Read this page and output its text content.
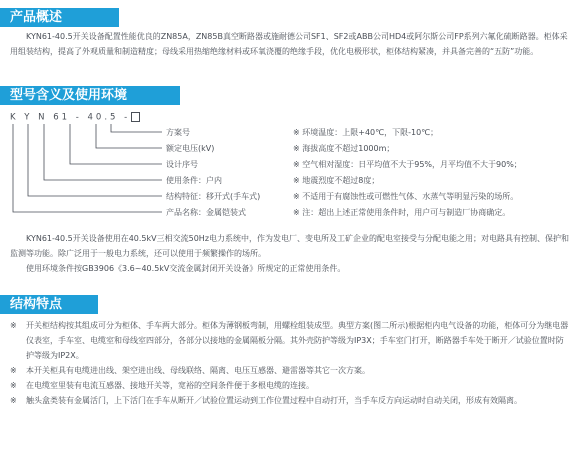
产品概述

KYN61-40.5开关设备配置性能优良的ZN85A，ZN85B真空断路器或施耐德公司SF1、SF2或ABB公司HD4或阿尔斯公司FP系列六氟化硫断路器。柜体采用组装结构，提高了外观质量和制造精度；母线采用热缩绝缘材料或环氧浇覆的绝缘手段，优化电极形状，柜体结构紧凑，并具备完善的“五防”功能。

型号含义及使用环境
K Y N 61 - 40.5 -
方案号
额定电压(kV)
设计序号
使用条件：户内
结构特征：移开式(手车式)
产品名称：金属铠装式
※ 环境温度：上限+40℃，下限-10℃；
※ 海拔高度不超过1000m；
※ 空气相对湿度：日平均值不大于95%，月平均值不大于90%；
※ 地震烈度不超过8度；
※ 不适用于有腐蚀性或可燃性气体、水蒸气等明显污染的场所。
※ 注：超出上述正常使用条件时，用户可与制造厂协商确定。

KYN61-40.5开关设备使用在40.5kV三相交流50Hz电力系统中，作为发电厂、变电所及工矿企业的配电室接受与分配电能之用；对电路具有控制、保护和监测等功能。除广泛用于一般电力系统，还可以使用于频繁操作的场所。

使用环境条件按GB3906《3.6~40.5kV交流金属封闭开关设备》所规定的正常使用条件。

结构特点
※ 开关柜结构按其组成可分为柜体、手车两大部分。柜体为薄钢板弯制，用螺栓组装成型。典型方案(图二所示)根据柜内电气设备的功能，柜体可分为继电器仪表室，手车室、电缆室和母线室四部分，各部分以接地的金属隔板分隔。其外壳防护等级为IP3X；手车室门打开，断路器手车处于断开／试验位置时防护等级为IP2X。
※ 本开关柜具有电缆进出线、架空进出线、母线联络、隔离、电压互感器、避雷器等其它一次方案。
※ 在电缆室里装有电流互感器、接地开关等，宽裕的空间条件便于多根电缆的连接。
※ 触头盒类装有金属活门，上下活门在手车从断开／试验位置运动到工作位置过程中自动打开，当手车反方向运动时自动关闭，形成有效隔离。
